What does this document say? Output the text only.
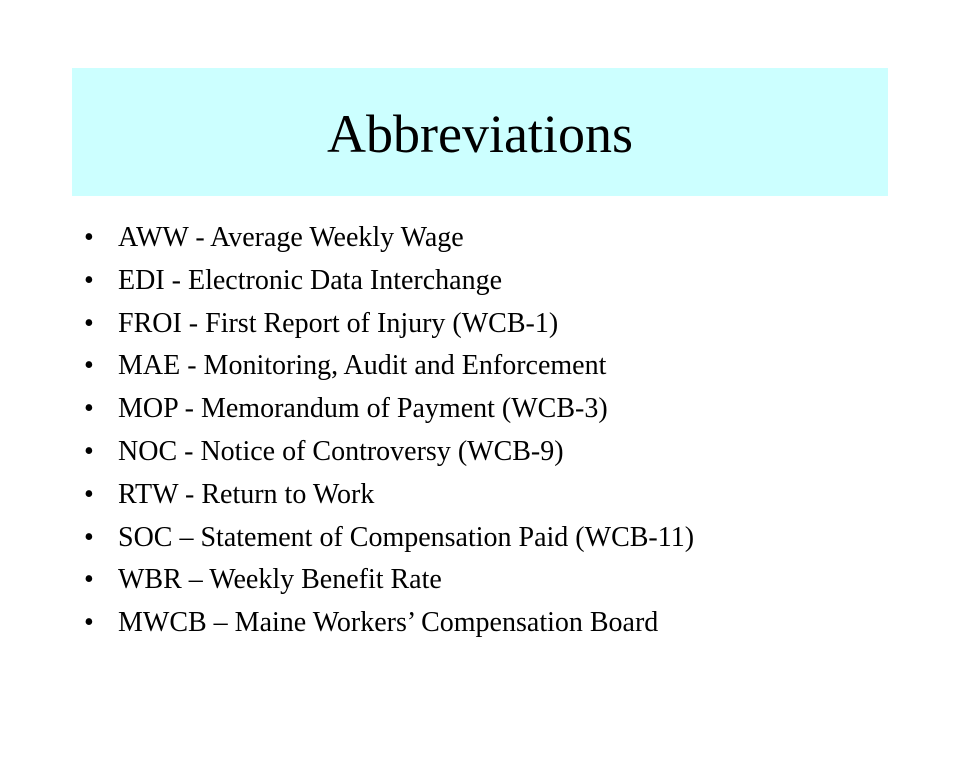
Abbreviations
• AWW - Average Weekly Wage
• EDI - Electronic Data Interchange
• FROI - First Report of Injury (WCB-1)
• MAE - Monitoring, Audit and Enforcement
• MOP - Memorandum of Payment (WCB-3)
• NOC - Notice of Controversy (WCB-9)
• RTW - Return to Work
• SOC – Statement of Compensation Paid (WCB-11)
• WBR – Weekly Benefit Rate
• MWCB – Maine Workers’ Compensation Board
